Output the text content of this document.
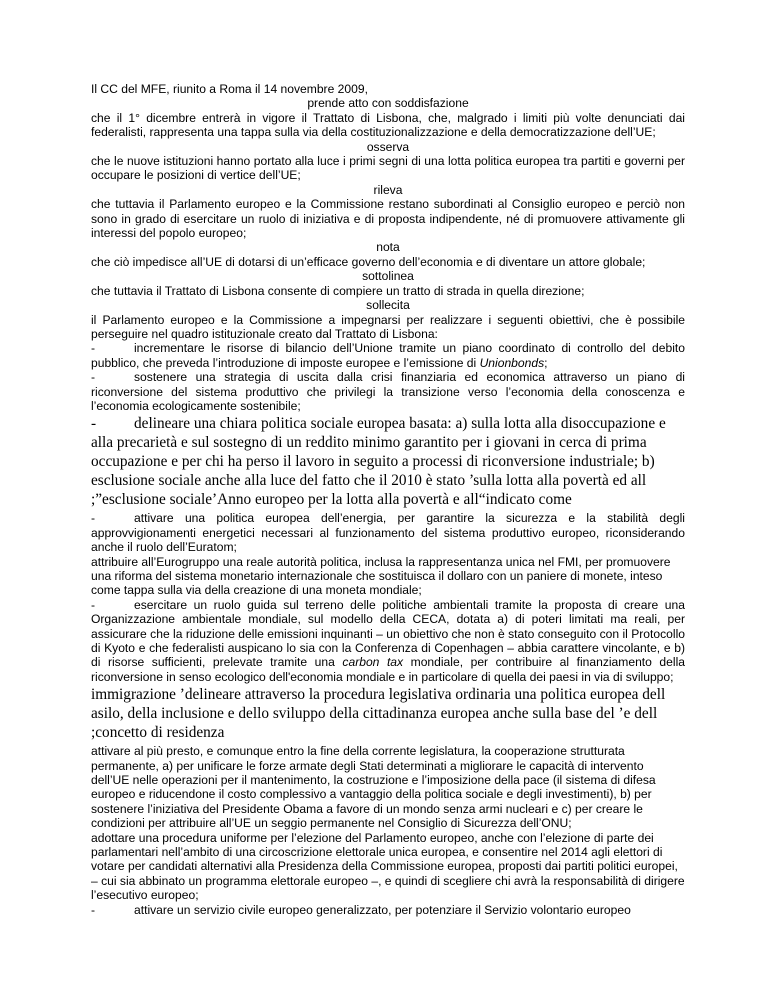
Il CC del MFE, riunito a Roma il 14 novembre 2009,

prende atto con soddisfazione

che il 1° dicembre entrerà in vigore il Trattato di Lisbona, che, malgrado i limiti più volte denunciati dai federalisti, rappresenta una tappa sulla via della costituzionalizzazione e della democratizzazione dell’UE;

osserva

che le nuove istituzioni hanno portato alla luce i primi segni di una lotta politica europea tra partiti e governi per occupare le posizioni di vertice dell’UE;

rileva

che tuttavia il Parlamento europeo e la Commissione restano subordinati al Consiglio europeo e perciò non sono in grado di esercitare un ruolo di iniziativa e di proposta indipendente, né di promuovere attivamente gli interessi del popolo europeo;

nota

che ciò impedisce all’UE di dotarsi di un’efficace governo dell’economia e di diventare un attore globale;

sottolinea

che tuttavia il Trattato di Lisbona consente di compiere un tratto di strada in quella direzione;

sollecita

il Parlamento europeo e la Commissione a impegnarsi per realizzare i seguenti obiettivi, che è possibile perseguire nel quadro istituzionale creato dal Trattato di Lisbona:

-	incrementare le risorse di bilancio dell’Unione tramite un piano coordinato di controllo del debito pubblico, che preveda l’introduzione di imposte europee e l’emissione di Unionbonds;

-	sostenere una strategia di uscita dalla crisi finanziaria ed economica attraverso un piano di riconversione del sistema produttivo che privilegi la transizione verso l’economia della conoscenza e l’economia ecologicamente sostenibile;

- delineare una chiara politica sociale europea basata: a) sulla lotta alla disoccupazione e alla precarietà e sul sostegno di un reddito minimo garantito per i giovani in cerca di prima occupazione e per chi ha perso il lavoro in seguito a processi di riconversione industriale; b) esclusione sociale anche alla luce del fatto che il 2010 è stato ’sulla lotta alla povertà ed all ;”esclusione sociale’Anno europeo per la lotta alla povertà e all“indicato come

-	attivare una politica europea dell’energia, per garantire la sicurezza e la stabilità degli approvvigionamenti energetici necessari al funzionamento del sistema produttivo europeo, riconsiderando anche il ruolo dell’Euratom;

attribuire all’Eurogruppo una reale autorità politica, inclusa la rappresentanza unica nel FMI, per promuovere una riforma del sistema monetario internazionale che sostituisca il dollaro con un paniere di monete, inteso come tappa sulla via della creazione di una moneta mondiale;

-	esercitare un ruolo guida sul terreno delle politiche ambientali tramite la proposta di creare una Organizzazione ambientale mondiale, sul modello della CECA, dotata a) di poteri limitati ma reali, per assicurare che la riduzione delle emissioni inquinanti – un obiettivo che non è stato conseguito con il Protocollo di Kyoto e che federalisti auspicano lo sia con la Conferenza di Copenhagen – abbia carattere vincolante, e b) di risorse sufficienti, prelevate tramite una carbon tax mondiale, per contribuire al finanziamento della riconversione in senso ecologico dell'economia mondiale e in particolare di quella dei paesi in via di sviluppo;

immigrazione ’delineare attraverso la procedura legislativa ordinaria una politica europea dell asilo, della inclusione e dello sviluppo della cittadinanza europea anche sulla base del ’e dell ;concetto di residenza

attivare al più presto, e comunque entro la fine della corrente legislatura, la cooperazione strutturata permanente, a) per unificare le forze armate degli Stati determinati a migliorare le capacità di intervento dell’UE nelle operazioni per il mantenimento, la costruzione e l’imposizione della pace (il sistema di difesa europeo e riducendone il costo complessivo a vantaggio della politica sociale e degli investimenti), b) per sostenere l’iniziativa del Presidente Obama a favore di un mondo senza armi nucleari e c) per creare le condizioni per attribuire all’UE un seggio permanente nel Consiglio di Sicurezza dell’ONU;

adottare una procedura uniforme per l’elezione del Parlamento europeo, anche con l’elezione di parte dei parlamentari nell’ambito di una circoscrizione elettorale unica europea, e consentire nel 2014 agli elettori di votare per candidati alternativi alla Presidenza della Commissione europea, proposti dai partiti politici europei, – cui sia abbinato un programma elettorale europeo –, e quindi di scegliere chi avrà la responsabilità di dirigere l’esecutivo europeo;

-	attivare un servizio civile europeo generalizzato, per potenziare il Servizio volontario europeo
